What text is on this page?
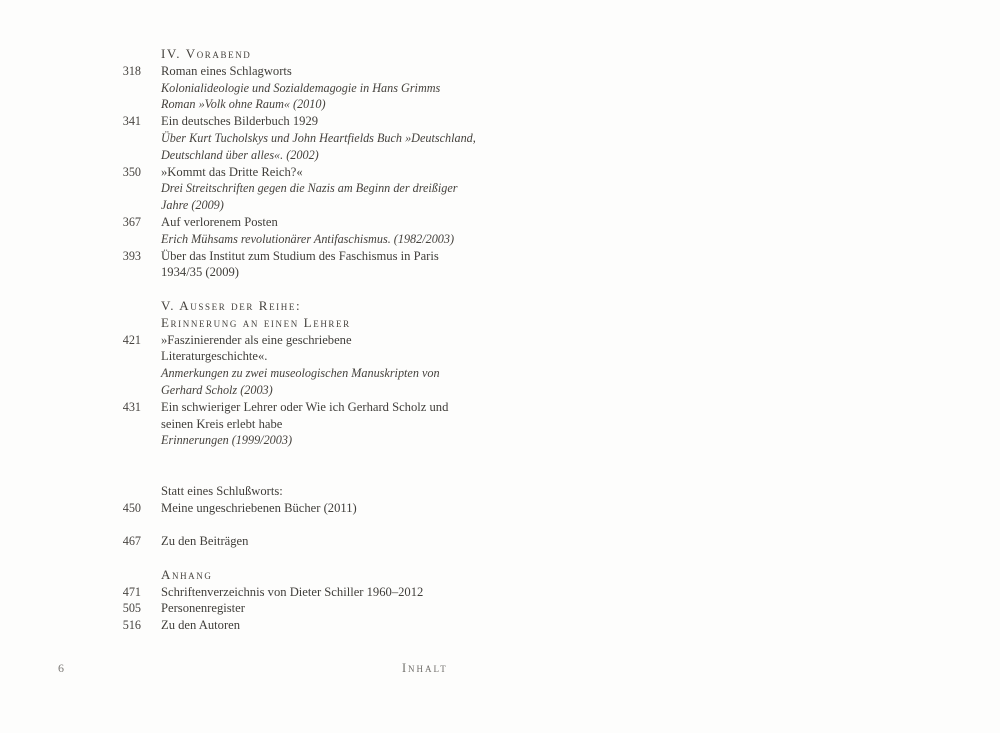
IV. Vorabend
318 Roman eines Schlagworts
Kolonialideologie und Sozialdemagogie in Hans Grimms
Roman »Volk ohne Raum« (2010)
341 Ein deutsches Bilderbuch 1929
Über Kurt Tucholskys und John Heartfields Buch »Deutschland,
Deutschland über alles«. (2002)
350 »Kommt das Dritte Reich?«
Drei Streitschriften gegen die Nazis am Beginn der dreißiger
Jahre (2009)
367 Auf verlorenem Posten
Erich Mühsams revolutionärer Antifaschismus. (1982/2003)
393 Über das Institut zum Studium des Faschismus in Paris
1934/35 (2009)
V. Ausser der Reihe:
Erinnerung an einen Lehrer
421 »Faszinierender als eine geschriebene
Literaturgeschichte«.
Anmerkungen zu zwei museologischen Manuskripten von
Gerhard Scholz (2003)
431 Ein schwieriger Lehrer oder Wie ich Gerhard Scholz und
seinen Kreis erlebt habe
Erinnerungen (1999/2003)
Statt eines Schlußworts:
450 Meine ungeschriebenen Bücher (2011)
467 Zu den Beiträgen
Anhang
471 Schriftenverzeichnis von Dieter Schiller 1960–2012
505 Personenregister
516 Zu den Autoren
6	Inhalt
